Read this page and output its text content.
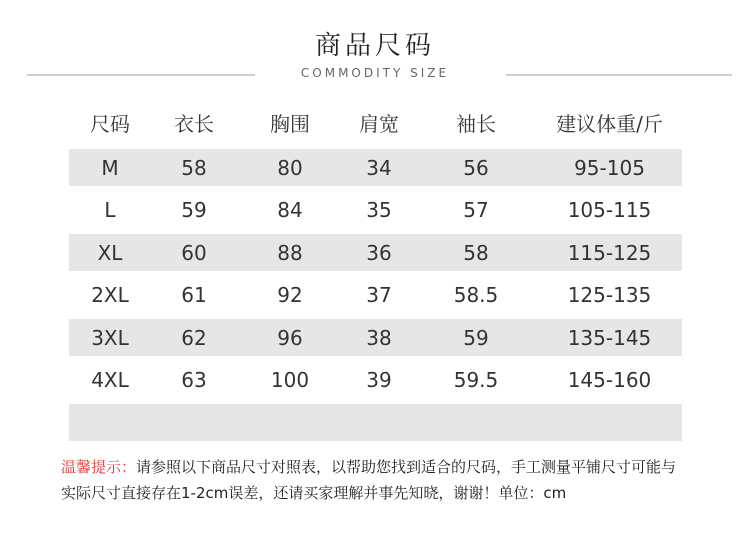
商品尺码
COMMODITY SIZE
尺码	衣长	胸围	肩宽	袖长	建议体重/斤
M	58	80	34	56	95-105
L	59	84	35	57	105-115
XL	60	88	36	58	115-125
2XL	61	92	37	58.5	125-135
3XL	62	96	38	59	135-145
4XL	63	100	39	59.5	145-160
温馨提示：请参照以下商品尺寸对照表，以帮助您找到适合的尺码，手工测量平铺尺寸可能与实际尺寸直接存在1-2cm误差，还请买家理解并事先知晓，谢谢！单位：cm
